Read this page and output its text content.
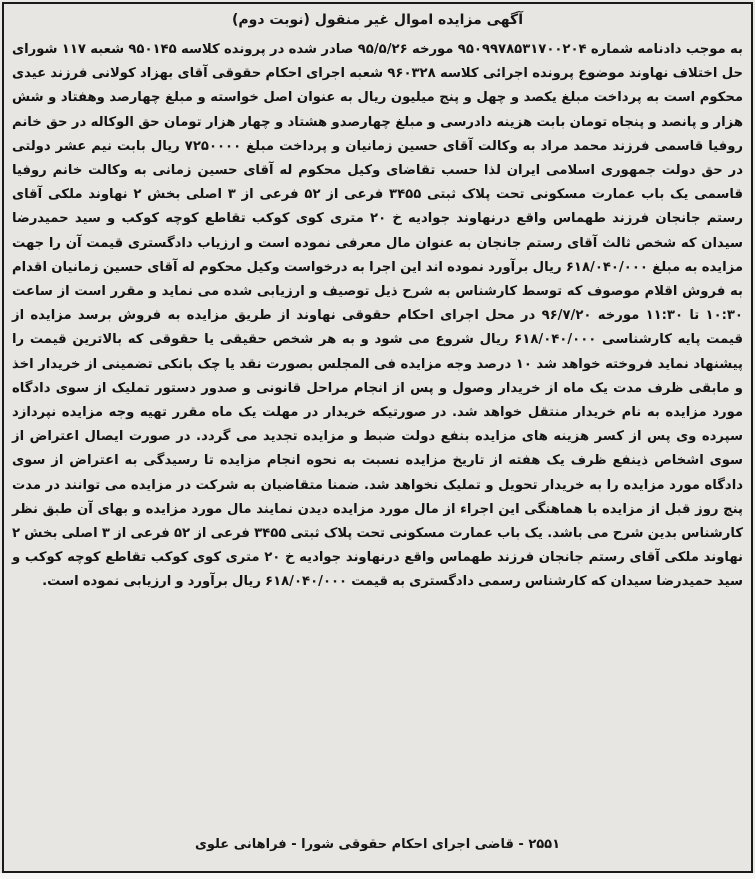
آگهی مزایده اموال غیر منقول (نوبت دوم)
به موجب دادنامه شماره ۹۵۰۹۹۷۸۵۳۱۷۰۰۲۰۴ مورخه ۹۵/۵/۲۶ صادر شده در پرونده کلاسه ۹۵۰۱۴۵ شعبه ۱۱۷ شورای حل اختلاف نهاوند موضوع پرونده اجرائی کلاسه ۹۶۰۳۲۸ شعبه اجرای احکام حقوقی آقای بهزاد کولانی فرزند عیدی محکوم است به پرداخت مبلغ یکصد و چهل و پنج میلیون ریال به عنوان اصل خواسته و مبلغ چهارصد وهفتاد و شش هزار و پانصد و پنجاه تومان بابت هزینه دادرسی و مبلغ چهارصدو هشتاد و چهار هزار تومان حق الوکاله در حق خانم روفیا قاسمی فرزند محمد مراد به وکالت آقای حسین زمانیان و پرداخت مبلغ ۷۲۵۰۰۰۰ ریال بابت نیم عشر دولتی در حق دولت جمهوری اسلامی ایران لذا حسب تقاضای وکیل محکوم له آقای حسین زمانی به وکالت خانم روفیا قاسمی یک باب عمارت مسکونی تحت پلاک ثبتی ۳۴۵۵ فرعی از ۵۲ فرعی از ۳ اصلی بخش ۲ نهاوند ملکی آقای رستم جانجان فرزند طهماس واقع درنهاوند جوادیه خ ۲۰ متری کوی کوکب تقاطع کوچه کوکب و سید حمیدرضا سیدان که شخص ثالث آقای رستم جانجان به عنوان مال معرفی نموده است و ارزیاب دادگستری قیمت آن را جهت مزایده به مبلغ ۶۱۸/۰۴۰/۰۰۰ ریال برآورد نموده اند این اجرا به درخواست وکیل محکوم له آقای حسین زمانیان اقدام به فروش اقلام موصوف که توسط کارشناس به شرح ذیل توصیف و ارزیابی شده می نماید و مقرر است از ساعت ۱۰:۳۰ تا ۱۱:۳۰ مورخه ۹۶/۷/۲۰ در محل اجرای احکام حقوقی نهاوند از طریق مزایده به فروش برسد مزایده از قیمت پایه کارشناسی ۶۱۸/۰۴۰/۰۰۰ ریال شروع می شود و به هر شخص حقیقی یا حقوقی که بالاترین قیمت را پیشنهاد نماید فروخته خواهد شد ۱۰ درصد وجه مزایده فی المجلس بصورت نقد یا چک بانکی تضمینی از خریدار اخذ و مابقی ظرف مدت یک ماه از خریدار وصول و پس از انجام مراحل قانونی و صدور دستور تملیک از سوی دادگاه مورد مزایده به نام خریدار منتقل خواهد شد. در صورتیکه خریدار در مهلت یک ماه مقرر تهیه وجه مزایده نپردازد سپرده وی پس از کسر هزینه های مزایده بنفع دولت ضبط و مزایده تجدید می گردد. در صورت ایصال اعتراض از سوی اشخاص ذینفع ظرف یک هفته از تاریخ مزایده نسبت به نحوه انجام مزایده تا رسیدگی به اعتراض از سوی دادگاه مورد مزایده را به خریدار تحویل و تملیک نخواهد شد. ضمنا متقاضیان به شرکت در مزایده می توانند در مدت پنج روز قبل از مزایده با هماهنگی این اجراء از مال مورد مزایده دیدن نمایند مال مورد مزایده و بهای آن طبق نظر کارشناس بدین شرح می باشد. یک باب عمارت مسکونی تحت پلاک ثبتی ۳۴۵۵ فرعی از ۵۲ فرعی از ۳ اصلی بخش ۲ نهاوند ملکی آقای رستم جانجان فرزند طهماس واقع درنهاوند جوادیه خ ۲۰ متری کوی کوکب تقاطع کوچه کوکب و سید حمیدرضا سیدان که کارشناس رسمی دادگستری به قیمت ۶۱۸/۰۴۰/۰۰۰ ریال برآورد و ارزیابی نموده است.
۲۵۵۱ - قاضی اجرای احکام حقوقی شورا - فراهانی علوی
